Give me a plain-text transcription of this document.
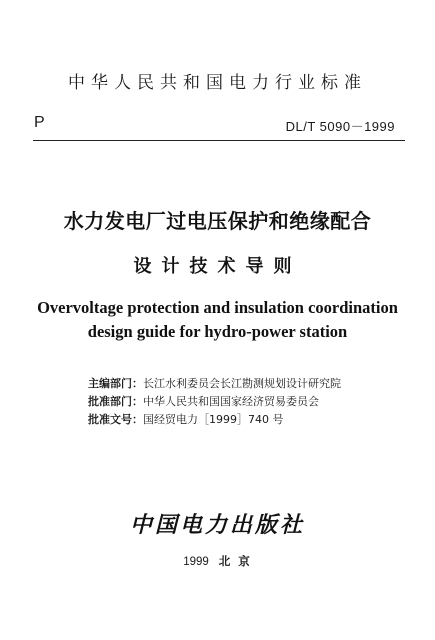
中华人民共和国电力行业标准
P	DL/T 5090－1999
水力发电厂过电压保护和绝缘配合
设计技术导则
Overvoltage protection and insulation coordination
design guide for hydro-power station
主编部门：长江水利委员会长江勘测规划设计研究院
批准部门：中华人民共和国国家经济贸易委员会
批准文号：国经贸电力［1999］740 号
中国电力出版社
1999 北 京
